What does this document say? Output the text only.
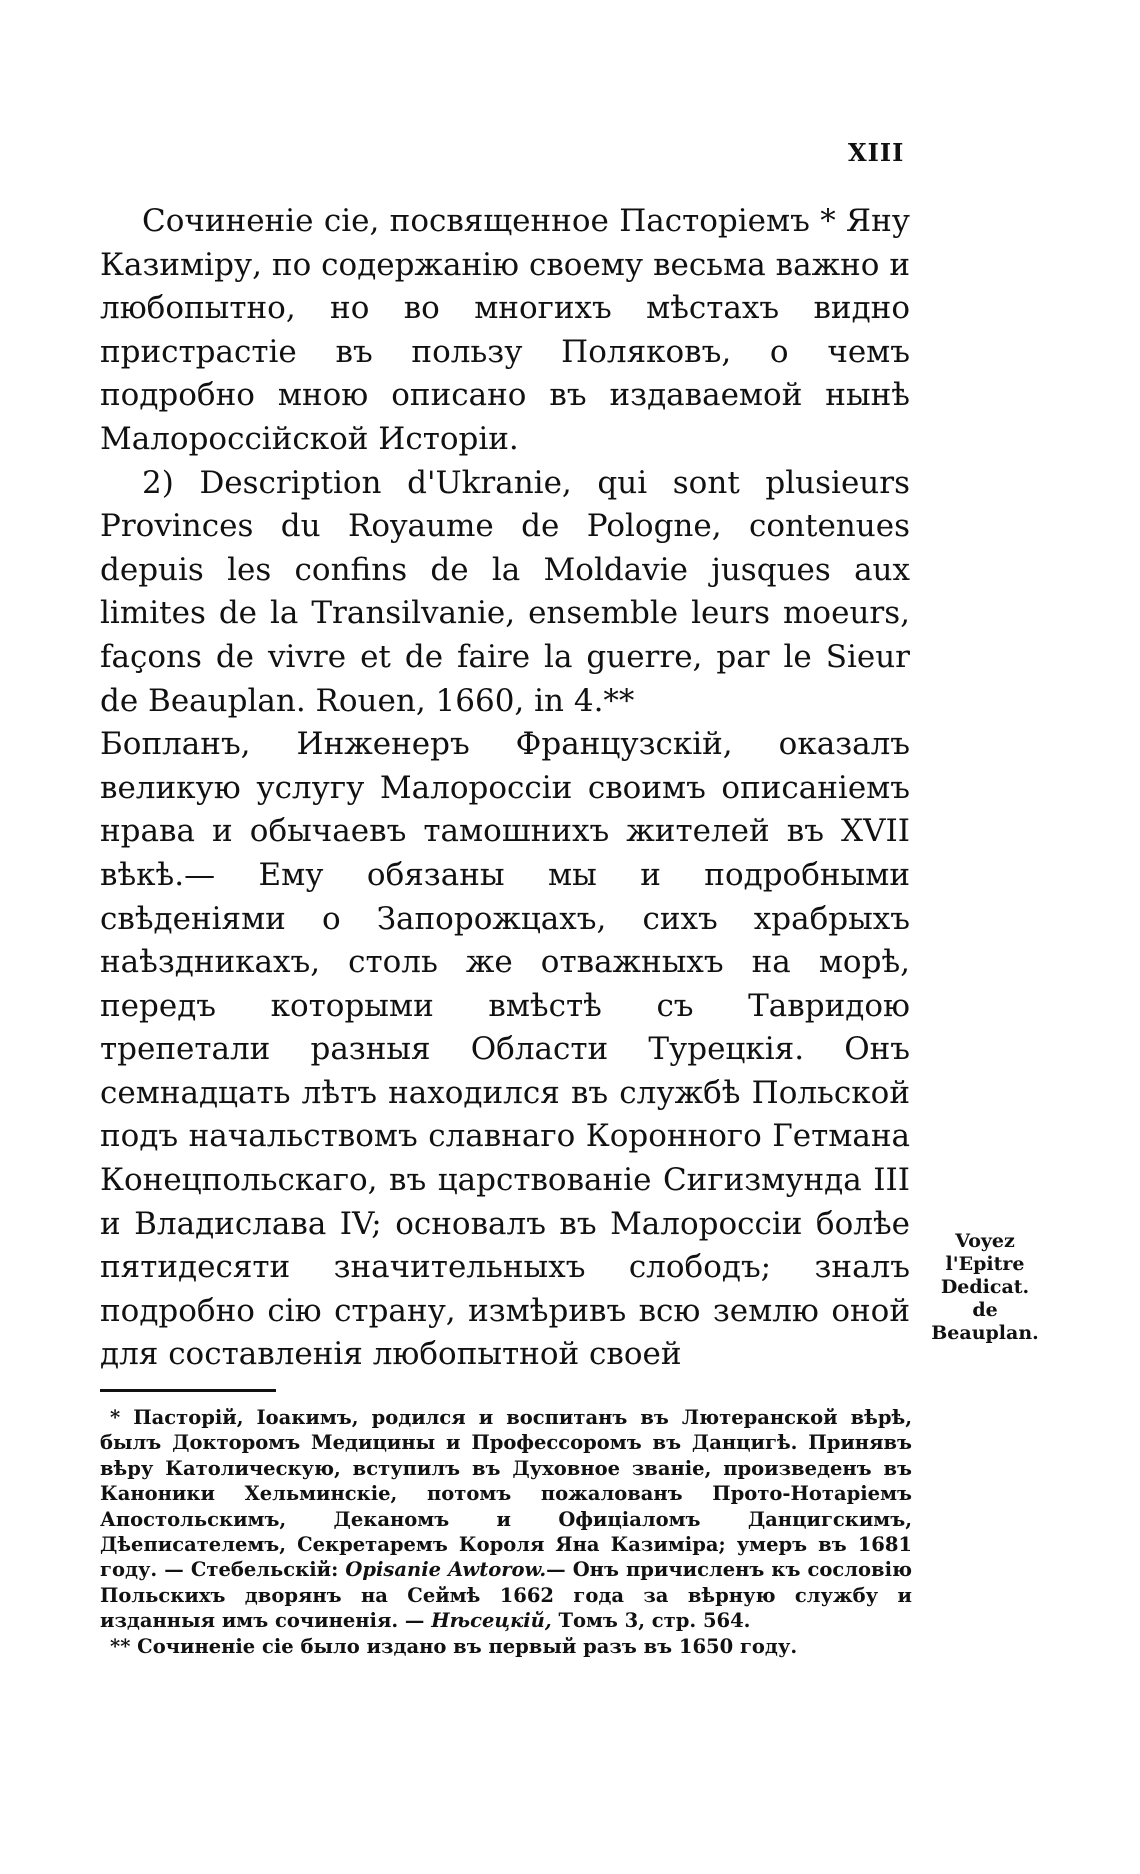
XIII

Сочиненіе сіе, посвященное Пасторіемъ * Яну Казиміру, по содержанію своему весьма важно и любопытно, но во многихъ мѣстахъ видно пристрастіе въ пользу Поляковъ, о чемъ подробно мною описано въ издаваемой нынѣ Малороссійской Исторіи.

2) Description d'Ukranie, qui sont plusieurs Provinces du Royaume de Pologne, contenues depuis les confins de la Moldavie jusques aux limites de la Transilvanie, ensemble leurs moeurs, façons de vivre et de faire la guerre, par le Sieur de Beauplan. Rouen, 1660, in 4.**

Бопланъ, Инженеръ Французскій, оказалъ великую услугу Малороссіи своимъ описаніемъ нрава и обычаевъ тамошнихъ жителей въ XVII вѣкѣ.— Ему обязаны мы и подробными свѣденіями о Запорожцахъ, сихъ храбрыхъ наѣздникахъ, столь же отважныхъ на морѣ, передъ которыми вмѣстѣ съ Тавридою трепетали разныя Области Турецкія. Онъ семнадцать лѣтъ находился въ службѣ Польской подъ начальствомъ славнаго Коронного Гетмана Конецпольскаго, въ царствованіе Сигизмунда III и Владислава IV; основалъ въ Малороссіи болѣе пятидесяти значительныхъ слободъ; зналъ подробно сію страну, измѣривъ всю землю оной для составленія любопытной своей

Voyez
l'Epitre
Dedicat.
de Beauplan.

* Пасторій, Іоакимъ, родился и воспитанъ въ Лютеранской вѣрѣ, былъ Докторомъ Медицины и Профессоромъ въ Данцигѣ. Принявъ вѣру Католическую, вступилъ въ Духовное званіе, произведенъ въ Каноники Хельминскіе, потомъ пожалованъ Прото-Нотаріемъ Апостольскимъ, Деканомъ и Офиціаломъ Данцигскимъ, Дѣеписателемъ, Секретаремъ Короля Яна Казиміра; умеръ въ 1681 году. — Стебельскій: Opisanie Awtorow.— Онъ причисленъ къ сословію Польскихъ дворянъ на Сеймѣ 1662 года за вѣрную службу и изданныя имъ сочиненія. — Нѣсецкій, Томъ 3, стр. 564.

** Сочиненіе сіе было издано въ первый разъ въ 1650 году.
